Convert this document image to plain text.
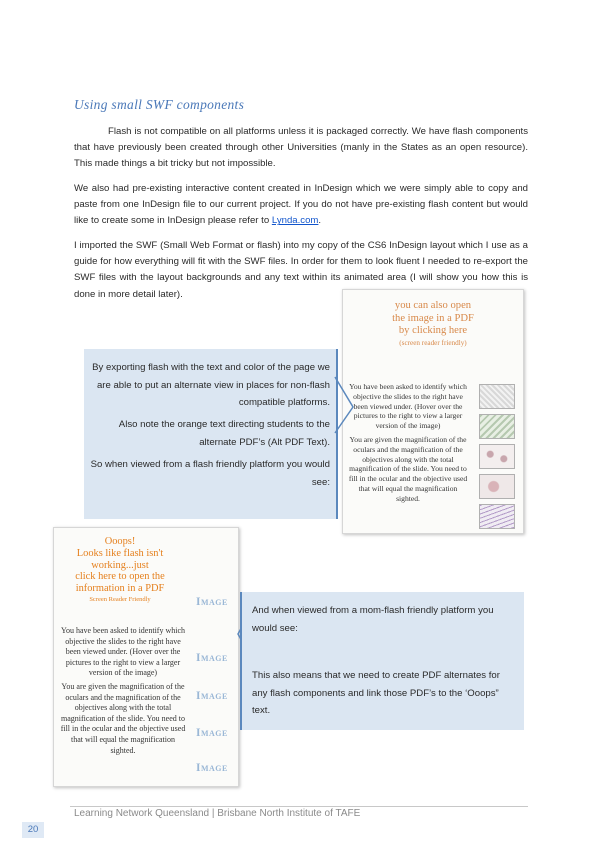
Using small SWF components

Flash is not compatible on all platforms unless it is packaged correctly. We have flash components that have previously been created through other Universities (manly in the States as an open resource). This made things a bit tricky but not impossible.

We also had pre-existing interactive content created in InDesign which we were simply able to copy and paste from one InDesign file to our current project. If you do not have pre-existing flash content but would like to create some in InDesign please refer to Lynda.com.

I imported the SWF (Small Web Format or flash) into my copy of the CS6 InDesign layout which I use as a guide for how everything will fit with the SWF files. In order for them to look fluent I needed to re-export the SWF files with the layout backgrounds and any text within its animated area (I will show you how this is done in more detail later).

you can also open
the image in a PDF
by clicking here
(screen reader friendly)
You have been asked to identify which objective the slides to the right have been viewed under. (Hover over the pictures to the right to view a larger version of the image)
You are given the magnification of the oculars and the magnification of the objectives along with the total magnification of the slide. You need to fill in the ocular and the objective used that will equal the magnification sighted.

By exporting flash with the text and color of the page we are able to put an alternate view in places for non-flash compatible platforms.

Also note the orange text directing students to the alternate PDF’s (Alt PDF Text).

So when viewed from a flash friendly platform you would see:

Ooops!
Looks like flash isn't
working...just
click here to open the
information in a PDF
Screen Reader Friendly
You have been asked to identify which objective the slides to the right have been viewed under. (Hover over the pictures to the right to view a larger version of the image)
You are given the magnification of the oculars and the magnification of the objectives along with the total magnification of the slide. You need to fill in the ocular and the objective used that will equal the magnification sighted.
Image
Image
Image
Image
Image

And when viewed from a mom-flash friendly platform you would see:

This also means that we need to create PDF alternates for any flash components and link those PDF’s to the ‘Ooops” text.

Learning Network Queensland | Brisbane North Institute of TAFE
20
